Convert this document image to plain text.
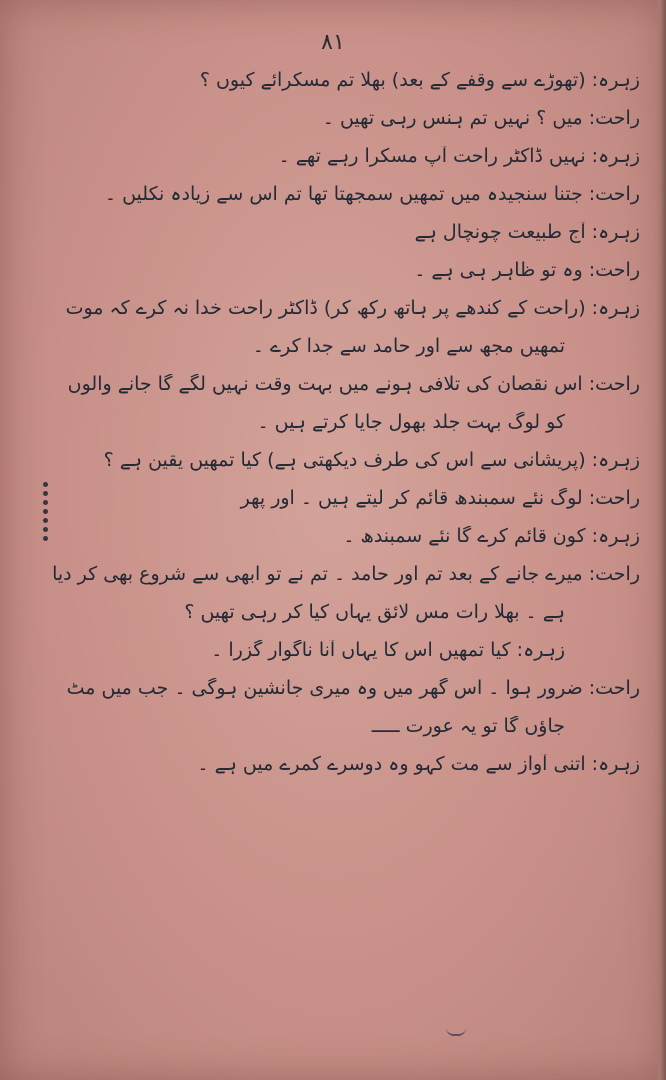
۸۱
زہرہ: (تھوڑے سے وقفے کے بعد) بھلا تم مسکرائے کیوں ؟
راحت: میں ؟ نہیں تم ہنس رہی تھیں ۔
زہرہ: نہیں ڈاکٹر راحت آپ مسکرا رہے تھے ۔
راحت: جتنا سنجیدہ میں تمھیں سمجھتا تھا تم اس سے زیادہ نکلیں ۔
زہرہ: آج طبیعت چونچال ہے
راحت: وہ تو ظاہر ہی ہے ۔
زہرہ: (راحت کے کندھے پر ہاتھ رکھ کر) ڈاکٹر راحت خدا نہ کرے کہ موت
تمھیں مجھ سے اور حامد سے جدا کرے ۔
راحت: اس نقصان کی تلافی ہونے میں بہت وقت نہیں لگے گا جانے والوں
کو لوگ بہت جلد بھول جایا کرتے ہیں ۔
زہرہ: (پریشانی سے اس کی طرف دیکھتی ہے) کیا تمھیں یقین ہے ؟
راحت: لوگ نئے سمبندھ قائم کر لیتے ہیں ۔ اور پھر
زہرہ: کون قائم کرے گا نئے سمبندھ ۔
راحت: میرے جانے کے بعد تم اور حامد ۔ تم نے تو ابھی سے شروع بھی کر دیا
ہے ۔ بھلا رات مس لائق یہاں کیا کر رہی تھیں ؟
زہرہ: کیا تمھیں اس کا یہاں آنا ناگوار گزرا ۔
راحت: ضرور ہوا ۔ اس گھر میں وہ میری جانشین ہوگی ۔ جب میں مٹ
جاؤں گا تو یہ عورت ـــــ
زہرہ: اتنی آواز سے مت کہو وہ دوسرے کمرے میں ہے ۔
